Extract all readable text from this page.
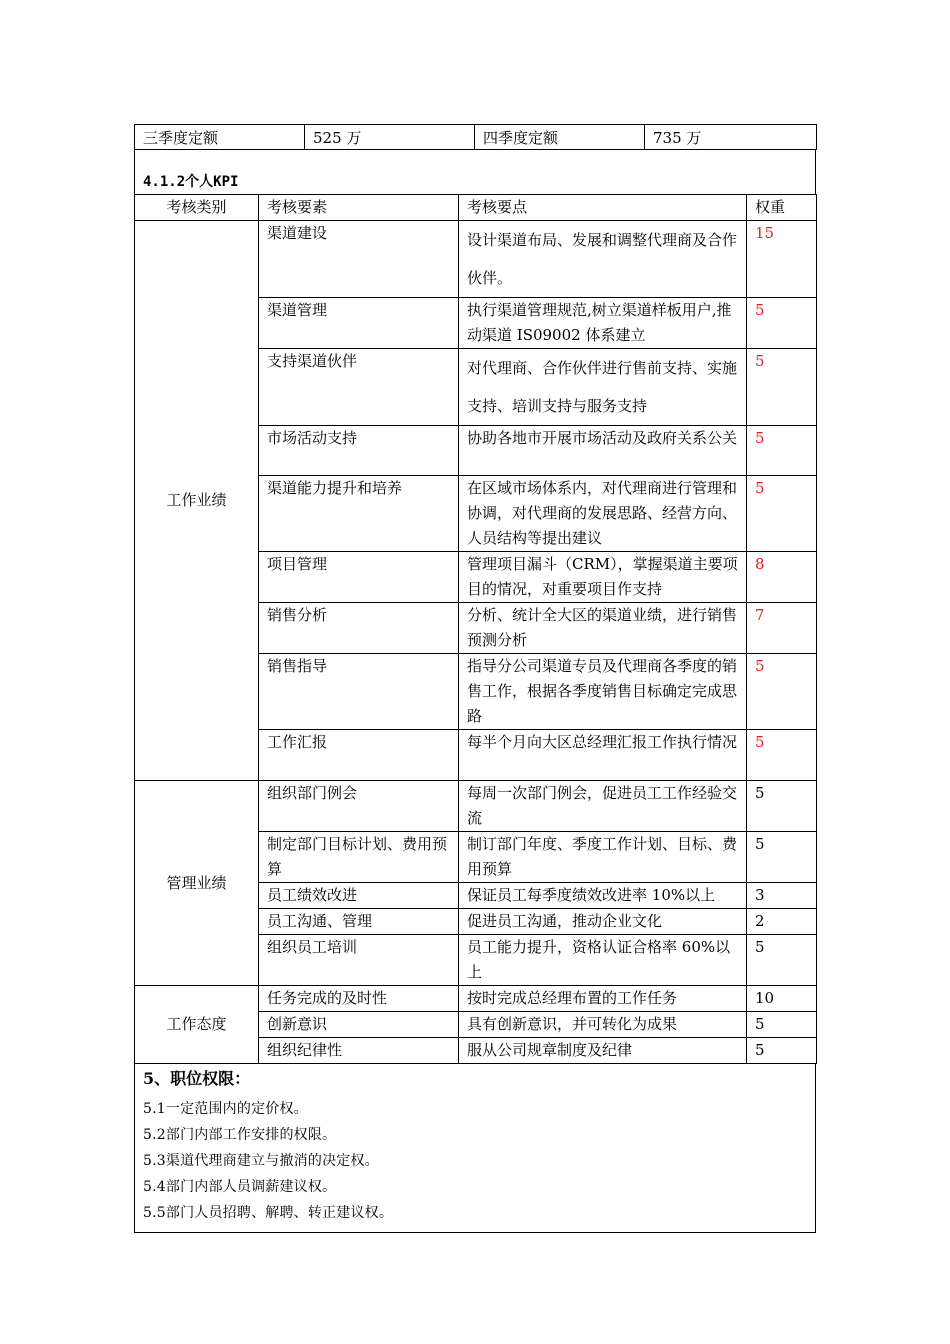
三季度定额	525 万	四季度定额	735 万
4.1.2个人KPI
考核类别	考核要素	考核要点	权重
工作业绩	渠道建设	设计渠道布局、发展和调整代理商及合作伙伴。	15
	渠道管理	执行渠道管理规范,树立渠道样板用户,推动渠道 IS09002 体系建立	5
	支持渠道伙伴	对代理商、合作伙伴进行售前支持、实施支持、培训支持与服务支持	5
	市场活动支持	协助各地市开展市场活动及政府关系公关	5
	渠道能力提升和培养	在区域市场体系内，对代理商进行管理和协调，对代理商的发展思路、经营方向、人员结构等提出建议	5
	项目管理	管理项目漏斗（CRM），掌握渠道主要项目的情况，对重要项目作支持	8
	销售分析	分析、统计全大区的渠道业绩，进行销售预测分析	7
	销售指导	指导分公司渠道专员及代理商各季度的销售工作，根据各季度销售目标确定完成思路	5
	工作汇报	每半个月向大区总经理汇报工作执行情况	5
管理业绩	组织部门例会	每周一次部门例会，促进员工工作经验交流	5
	制定部门目标计划、费用预算	制订部门年度、季度工作计划、目标、费用预算	5
	员工绩效改进	保证员工每季度绩效改进率 10%以上	3
	员工沟通、管理	促进员工沟通，推动企业文化	2
	组织员工培训	员工能力提升，资格认证合格率 60%以上	5
工作态度	任务完成的及时性	按时完成总经理布置的工作任务	10
	创新意识	具有创新意识，并可转化为成果	5
	组织纪律性	服从公司规章制度及纪律	5
5、职位权限：
5.1一定范围内的定价权。
5.2部门内部工作安排的权限。
5.3渠道代理商建立与撤消的决定权。
5.4部门内部人员调薪建议权。
5.5部门人员招聘、解聘、转正建议权。
